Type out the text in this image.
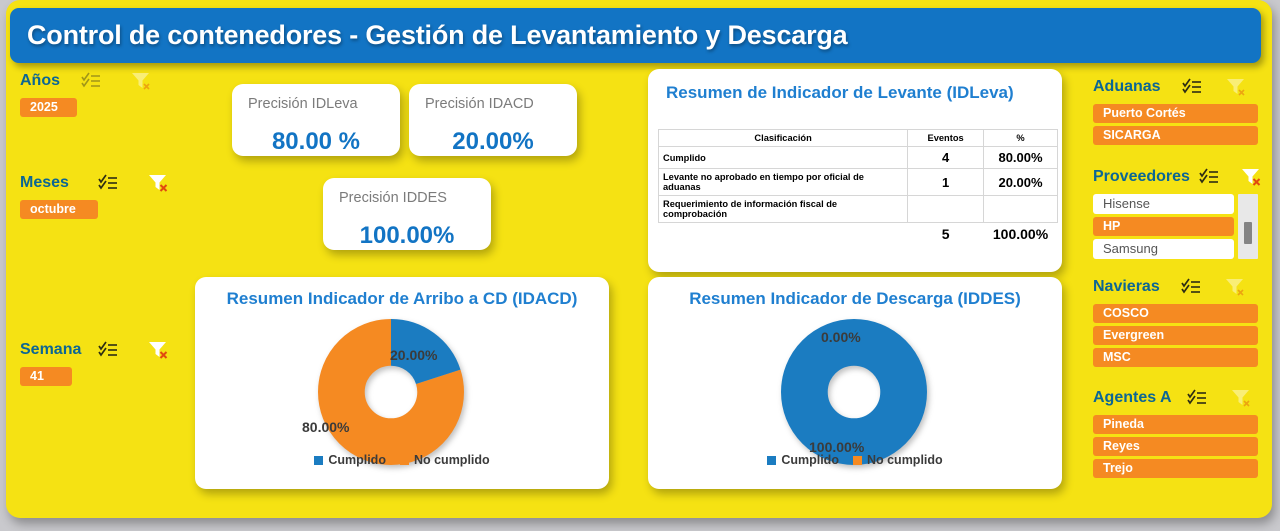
Control de contenedores - Gestión de Levantamiento y Descarga
Años
2025
Meses
octubre
Semana
41
Precisión IDLeva
80.00 %
Precisión IDACD
20.00%
Precisión IDDES
100.00%
Resumen de Indicador de Levante (IDLeva)
Clasificación	Eventos	%
Cumplido	4	80.00%
Levante no aprobado en tiempo por oficial de aduanas	1	20.00%
Requerimiento de información fiscal de comprobación		
	5	100.00%
Resumen Indicador de Arribo a CD (IDACD)
20.00%
80.00%
Cumplido No cumplido
Resumen Indicador de Descarga (IDDES)
0.00%
100.00%
Cumplido No cumplido
Aduanas
Puerto Cortés
SICARGA
Proveedores
Hisense
HP
Samsung
Navieras
COSCO
Evergreen
MSC
Agentes A
Pineda
Reyes
Trejo
